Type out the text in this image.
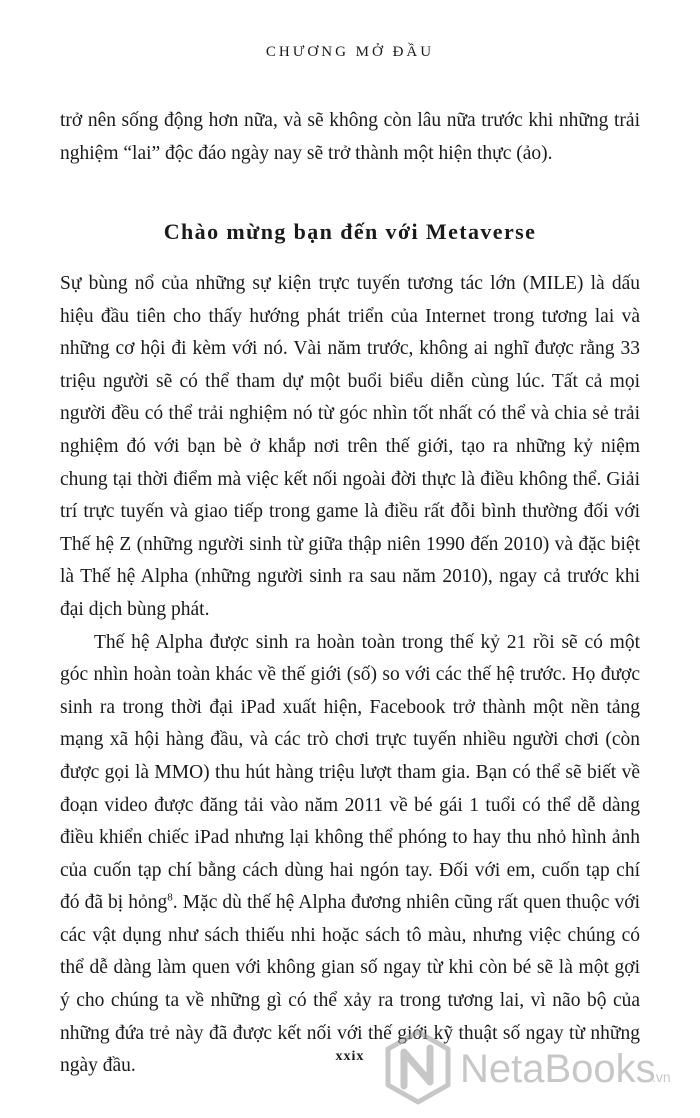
CHƯƠNG MỞ ĐẦU

trở nên sống động hơn nữa, và sẽ không còn lâu nữa trước khi những trải nghiệm “lai” độc đáo ngày nay sẽ trở thành một hiện thực (ảo).

Chào mừng bạn đến với Metaverse

Sự bùng nổ của những sự kiện trực tuyến tương tác lớn (MILE) là dấu hiệu đầu tiên cho thấy hướng phát triển của Internet trong tương lai và những cơ hội đi kèm với nó. Vài năm trước, không ai nghĩ được rằng 33 triệu người sẽ có thể tham dự một buổi biểu diễn cùng lúc. Tất cả mọi người đều có thể trải nghiệm nó từ góc nhìn tốt nhất có thể và chia sẻ trải nghiệm đó với bạn bè ở khắp nơi trên thế giới, tạo ra những kỷ niệm chung tại thời điểm mà việc kết nối ngoài đời thực là điều không thể. Giải trí trực tuyến và giao tiếp trong game là điều rất đỗi bình thường đối với Thế hệ Z (những người sinh từ giữa thập niên 1990 đến 2010) và đặc biệt là Thế hệ Alpha (những người sinh ra sau năm 2010), ngay cả trước khi đại dịch bùng phát.

Thế hệ Alpha được sinh ra hoàn toàn trong thế kỷ 21 rồi sẽ có một góc nhìn hoàn toàn khác về thế giới (số) so với các thế hệ trước. Họ được sinh ra trong thời đại iPad xuất hiện, Facebook trở thành một nền tảng mạng xã hội hàng đầu, và các trò chơi trực tuyến nhiều người chơi (còn được gọi là MMO) thu hút hàng triệu lượt tham gia. Bạn có thể sẽ biết về đoạn video được đăng tải vào năm 2011 về bé gái 1 tuổi có thể dễ dàng điều khiển chiếc iPad nhưng lại không thể phóng to hay thu nhỏ hình ảnh của cuốn tạp chí bằng cách dùng hai ngón tay. Đối với em, cuốn tạp chí đó đã bị hỏng$^8$. Mặc dù thế hệ Alpha đương nhiên cũng rất quen thuộc với các vật dụng như sách thiếu nhi hoặc sách tô màu, nhưng việc chúng có thể dễ dàng làm quen với không gian số ngay từ khi còn bé sẽ là một gợi ý cho chúng ta về những gì có thể xảy ra trong tương lai, vì não bộ của những đứa trẻ này đã được kết nối với thế giới kỹ thuật số ngay từ những ngày đầu.	xxix	NetaBooks
.vn
